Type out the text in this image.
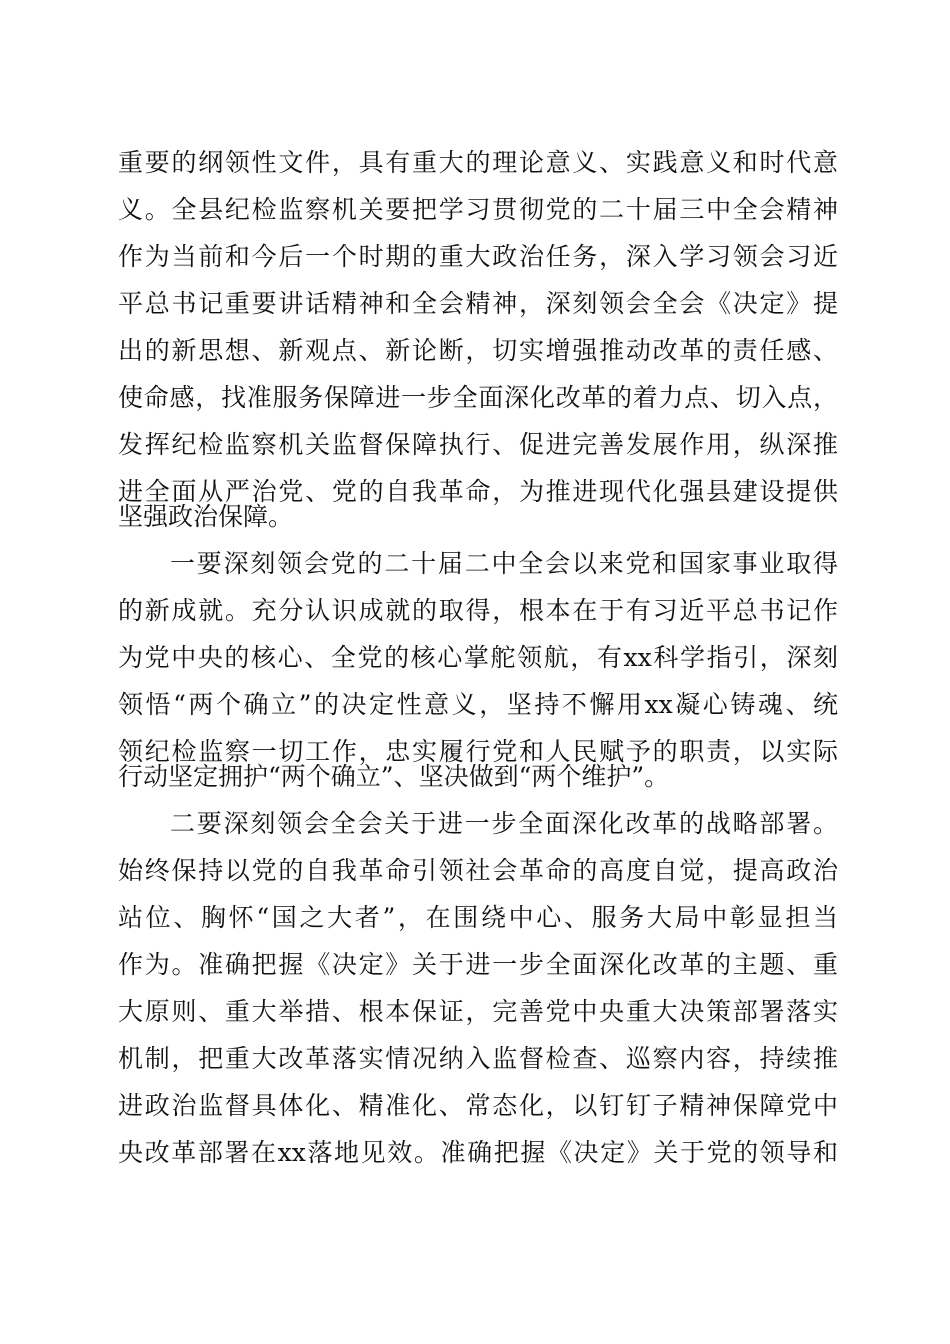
重要的纲领性文件，具有重大的理论意义、实践意义和时代意
义。全县纪检监察机关要把学习贯彻党的二十届三中全会精神
作为当前和今后一个时期的重大政治任务，深入学习领会习近
平总书记重要讲话精神和全会精神，深刻领会全会《决定》提
出的新思想、新观点、新论断，切实增强推动改革的责任感、
使命感，找准服务保障进一步全面深化改革的着力点、切入点，
发挥纪检监察机关监督保障执行、促进完善发展作用，纵深推
进全面从严治党、党的自我革命，为推进现代化强县建设提供
坚强政治保障。
一要深刻领会党的二十届二中全会以来党和国家事业取得
的新成就。充分认识成就的取得，根本在于有习近平总书记作
为党中央的核心、全党的核心掌舵领航，有xx科学指引，深刻
领悟“两个确立”的决定性意义，坚持不懈用xx凝心铸魂、统
领纪检监察一切工作，忠实履行党和人民赋予的职责，以实际
行动坚定拥护“两个确立”、坚决做到“两个维护”。
二要深刻领会全会关于进一步全面深化改革的战略部署。
始终保持以党的自我革命引领社会革命的高度自觉，提高政治
站位、胸怀“国之大者”，在围绕中心、服务大局中彰显担当
作为。准确把握《决定》关于进一步全面深化改革的主题、重
大原则、重大举措、根本保证，完善党中央重大决策部署落实
机制，把重大改革落实情况纳入监督检查、巡察内容，持续推
进政治监督具体化、精准化、常态化，以钉钉子精神保障党中
央改革部署在xx落地见效。准确把握《决定》关于党的领导和
